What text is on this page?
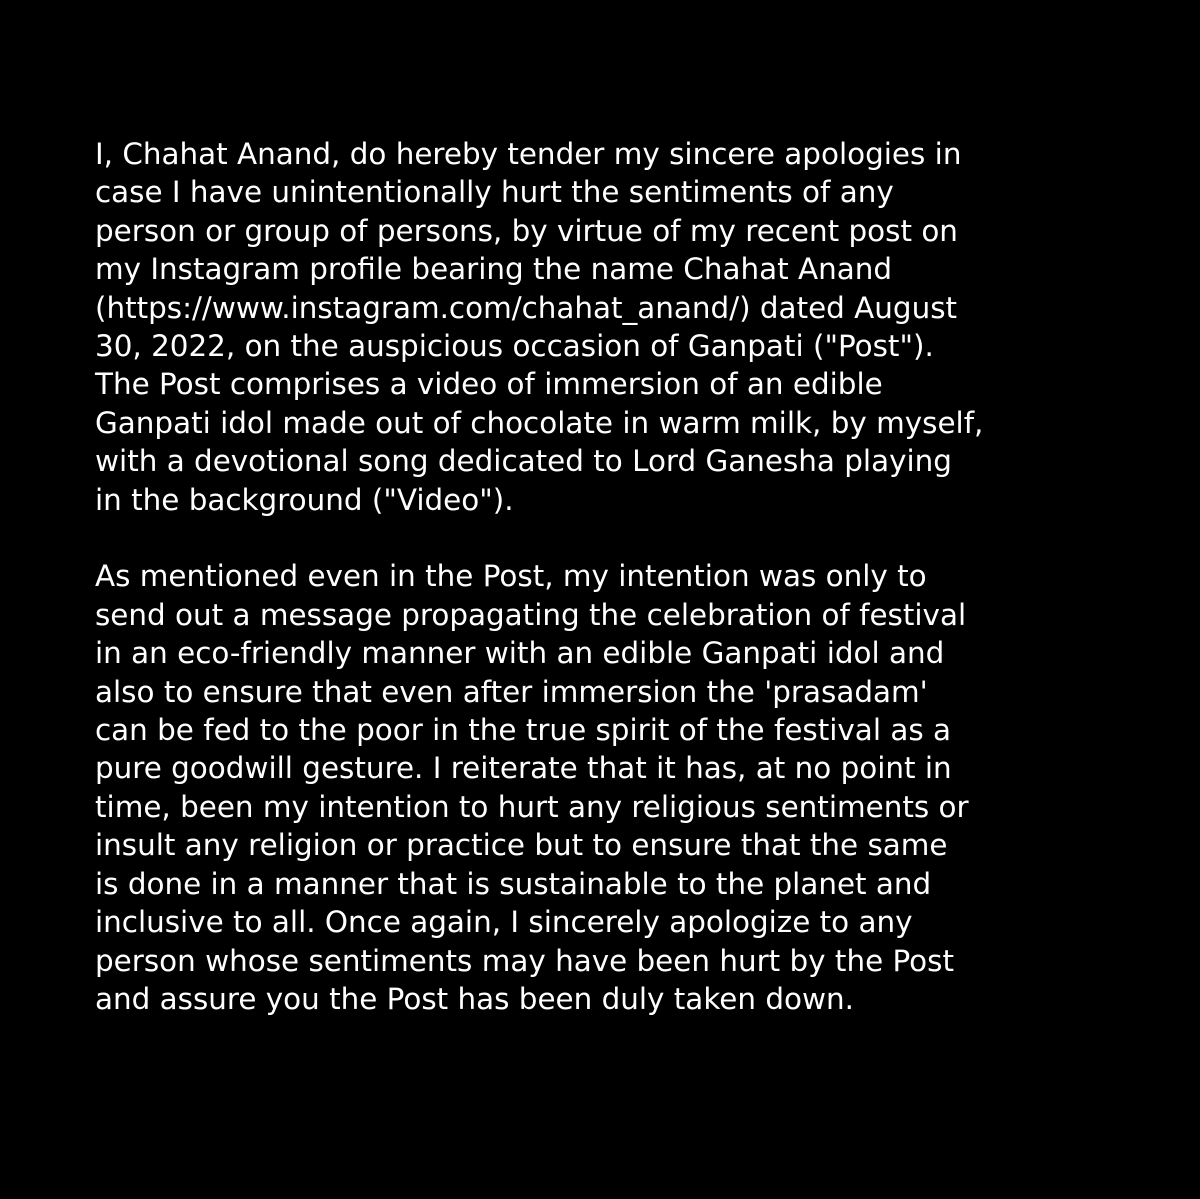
I, Chahat Anand, do hereby tender my sincere apologies in
case I have unintentionally hurt the sentiments of any
person or group of persons, by virtue of my recent post on
my Instagram profile bearing the name Chahat Anand
(https://www.instagram.com/chahat_anand/) dated August
30, 2022, on the auspicious occasion of Ganpati ("Post").
The Post comprises a video of immersion of an edible
Ganpati idol made out of chocolate in warm milk, by myself,
with a devotional song dedicated to Lord Ganesha playing
in the background ("Video").

As mentioned even in the Post, my intention was only to
send out a message propagating the celebration of festival
in an eco-friendly manner with an edible Ganpati idol and
also to ensure that even after immersion the 'prasadam'
can be fed to the poor in the true spirit of the festival as a
pure goodwill gesture. I reiterate that it has, at no point in
time, been my intention to hurt any religious sentiments or
insult any religion or practice but to ensure that the same
is done in a manner that is sustainable to the planet and
inclusive to all. Once again, I sincerely apologize to any
person whose sentiments may have been hurt by the Post
and assure you the Post has been duly taken down.
